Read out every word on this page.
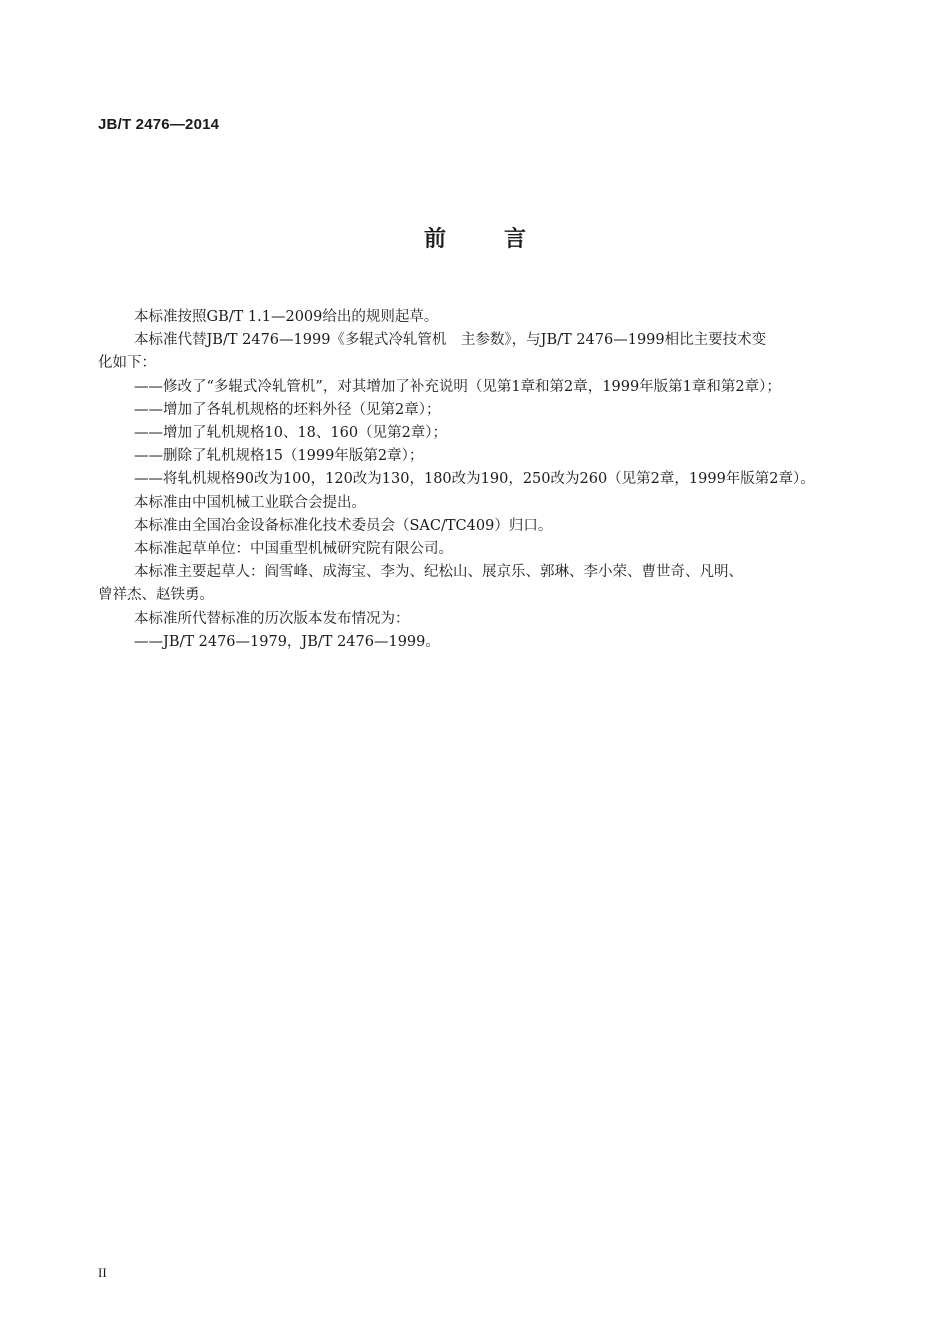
JB/T 2476—2014
前	言
本标准按照GB/T 1.1—2009给出的规则起草。
本标准代替JB/T 2476—1999《多辊式冷轧管机　主参数》，与JB/T 2476—1999相比主要技术变
化如下：
——修改了“多辊式冷轧管机”，对其增加了补充说明（见第1章和第2章，1999年版第1章和第2章）；
——增加了各轧机规格的坯料外径（见第2章）；
——增加了轧机规格10、18、160（见第2章）；
——删除了轧机规格15（1999年版第2章）；
——将轧机规格90改为100，120改为130，180改为190，250改为260（见第2章，1999年版第2章）。
本标准由中国机械工业联合会提出。
本标准由全国冶金设备标准化技术委员会（SAC/TC409）归口。
本标准起草单位：中国重型机械研究院有限公司。
本标准主要起草人：阎雪峰、成海宝、李为、纪松山、展京乐、郭琳、李小荣、曹世奇、凡明、
曾祥杰、赵铁勇。
本标准所代替标准的历次版本发布情况为：
——JB/T 2476—1979，JB/T 2476—1999。
II
